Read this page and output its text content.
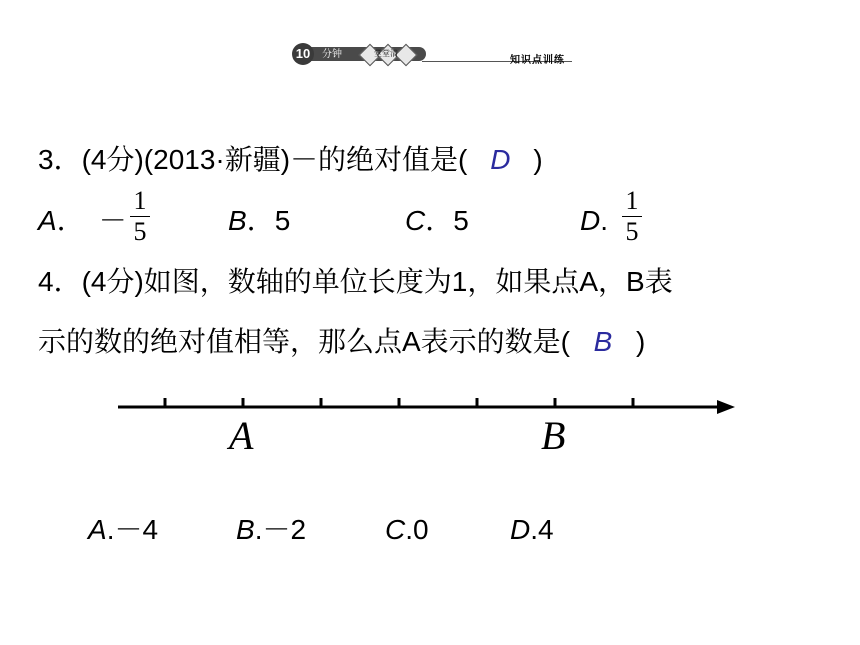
10	分钟	堂堂清
知识点训练
3．(4分)(2013·新疆)－的绝对值是( D )
A． －
1
5	B．5	C．5	D.
1
5
4．(4分)如图，数轴的单位长度为1，如果点A，B表
示的数的绝对值相等，那么点A表示的数是( B )
A	B
A.－4	B.－2	C.0	D.4
